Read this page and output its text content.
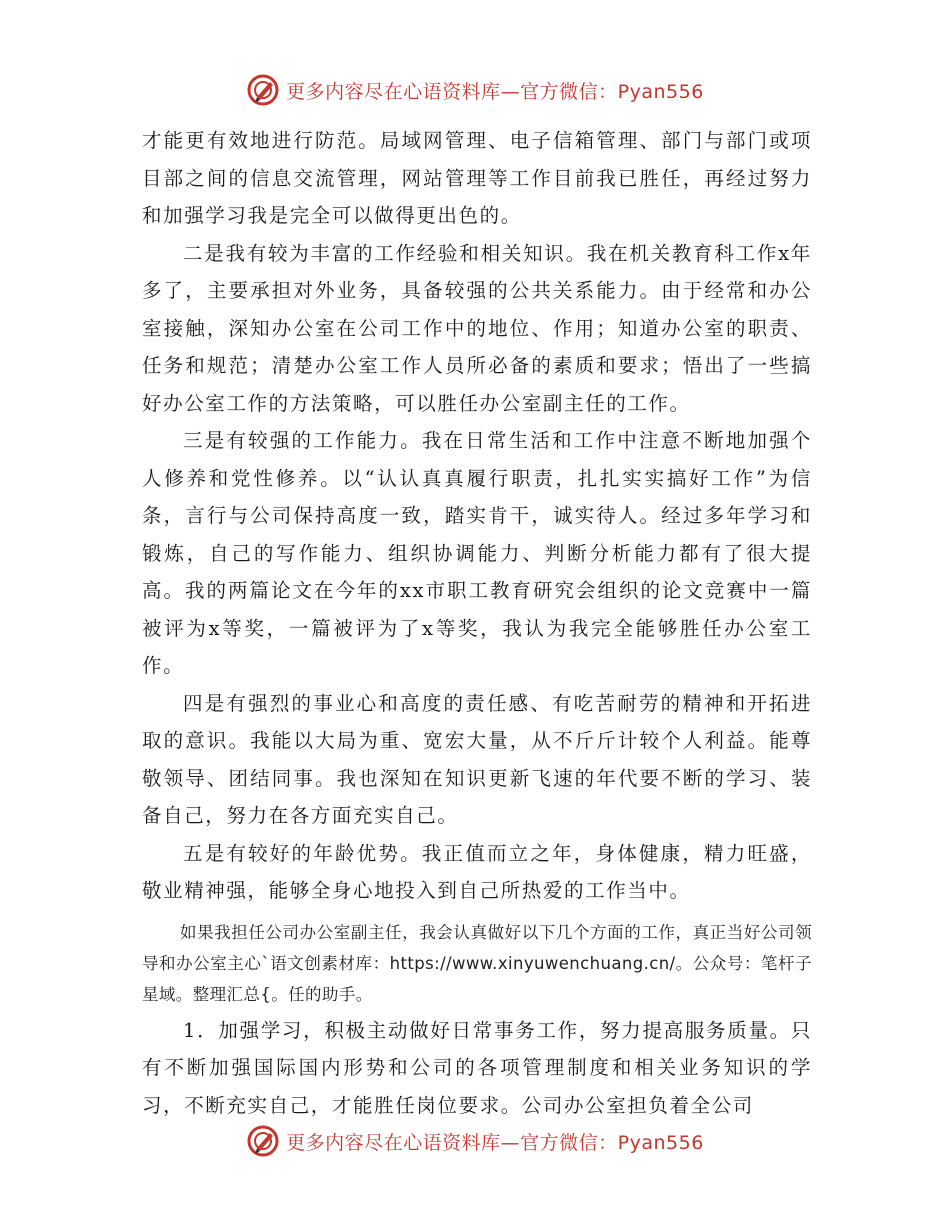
更多内容尽在心语资料库—官方微信：Pyan556

才能更有效地进行防范。局域网管理、电子信箱管理、部门与部门或项目部之间的信息交流管理，网站管理等工作目前我已胜任，再经过努力和加强学习我是完全可以做得更出色的。

二是我有较为丰富的工作经验和相关知识。我在机关教育科工作x年多了，主要承担对外业务，具备较强的公共关系能力。由于经常和办公室接触，深知办公室在公司工作中的地位、作用；知道办公室的职责、任务和规范；清楚办公室工作人员所必备的素质和要求；悟出了一些搞好办公室工作的方法策略，可以胜任办公室副主任的工作。

三是有较强的工作能力。我在日常生活和工作中注意不断地加强个人修养和党性修养。以“认认真真履行职责，扎扎实实搞好工作”为信条，言行与公司保持高度一致，踏实肯干，诚实待人。经过多年学习和锻炼，自己的写作能力、组织协调能力、判断分析能力都有了很大提高。我的两篇论文在今年的xx市职工教育研究会组织的论文竞赛中一篇被评为x等奖，一篇被评为了x等奖，我认为我完全能够胜任办公室工作。

四是有强烈的事业心和高度的责任感、有吃苦耐劳的精神和开拓进取的意识。我能以大局为重、宽宏大量，从不斤斤计较个人利益。能尊敬领导、团结同事。我也深知在知识更新飞速的年代要不断的学习、装备自己，努力在各方面充实自己。

五是有较好的年龄优势。我正值而立之年，身体健康，精力旺盛，敬业精神强，能够全身心地投入到自己所热爱的工作当中。

如果我担任公司办公室副主任，我会认真做好以下几个方面的工作，真正当好公司领导和办公室主心`语文创素材库：https://www.xinyuwenchuang.cn/。公众号：笔杆子星域。整理汇总{。任的助手。

1．加强学习，积极主动做好日常事务工作，努力提高服务质量。只有不断加强国际国内形势和公司的各项管理制度和相关业务知识的学习，不断充实自己，才能胜任岗位要求。公司办公室担负着全公司

更多内容尽在心语资料库—官方微信：Pyan556
